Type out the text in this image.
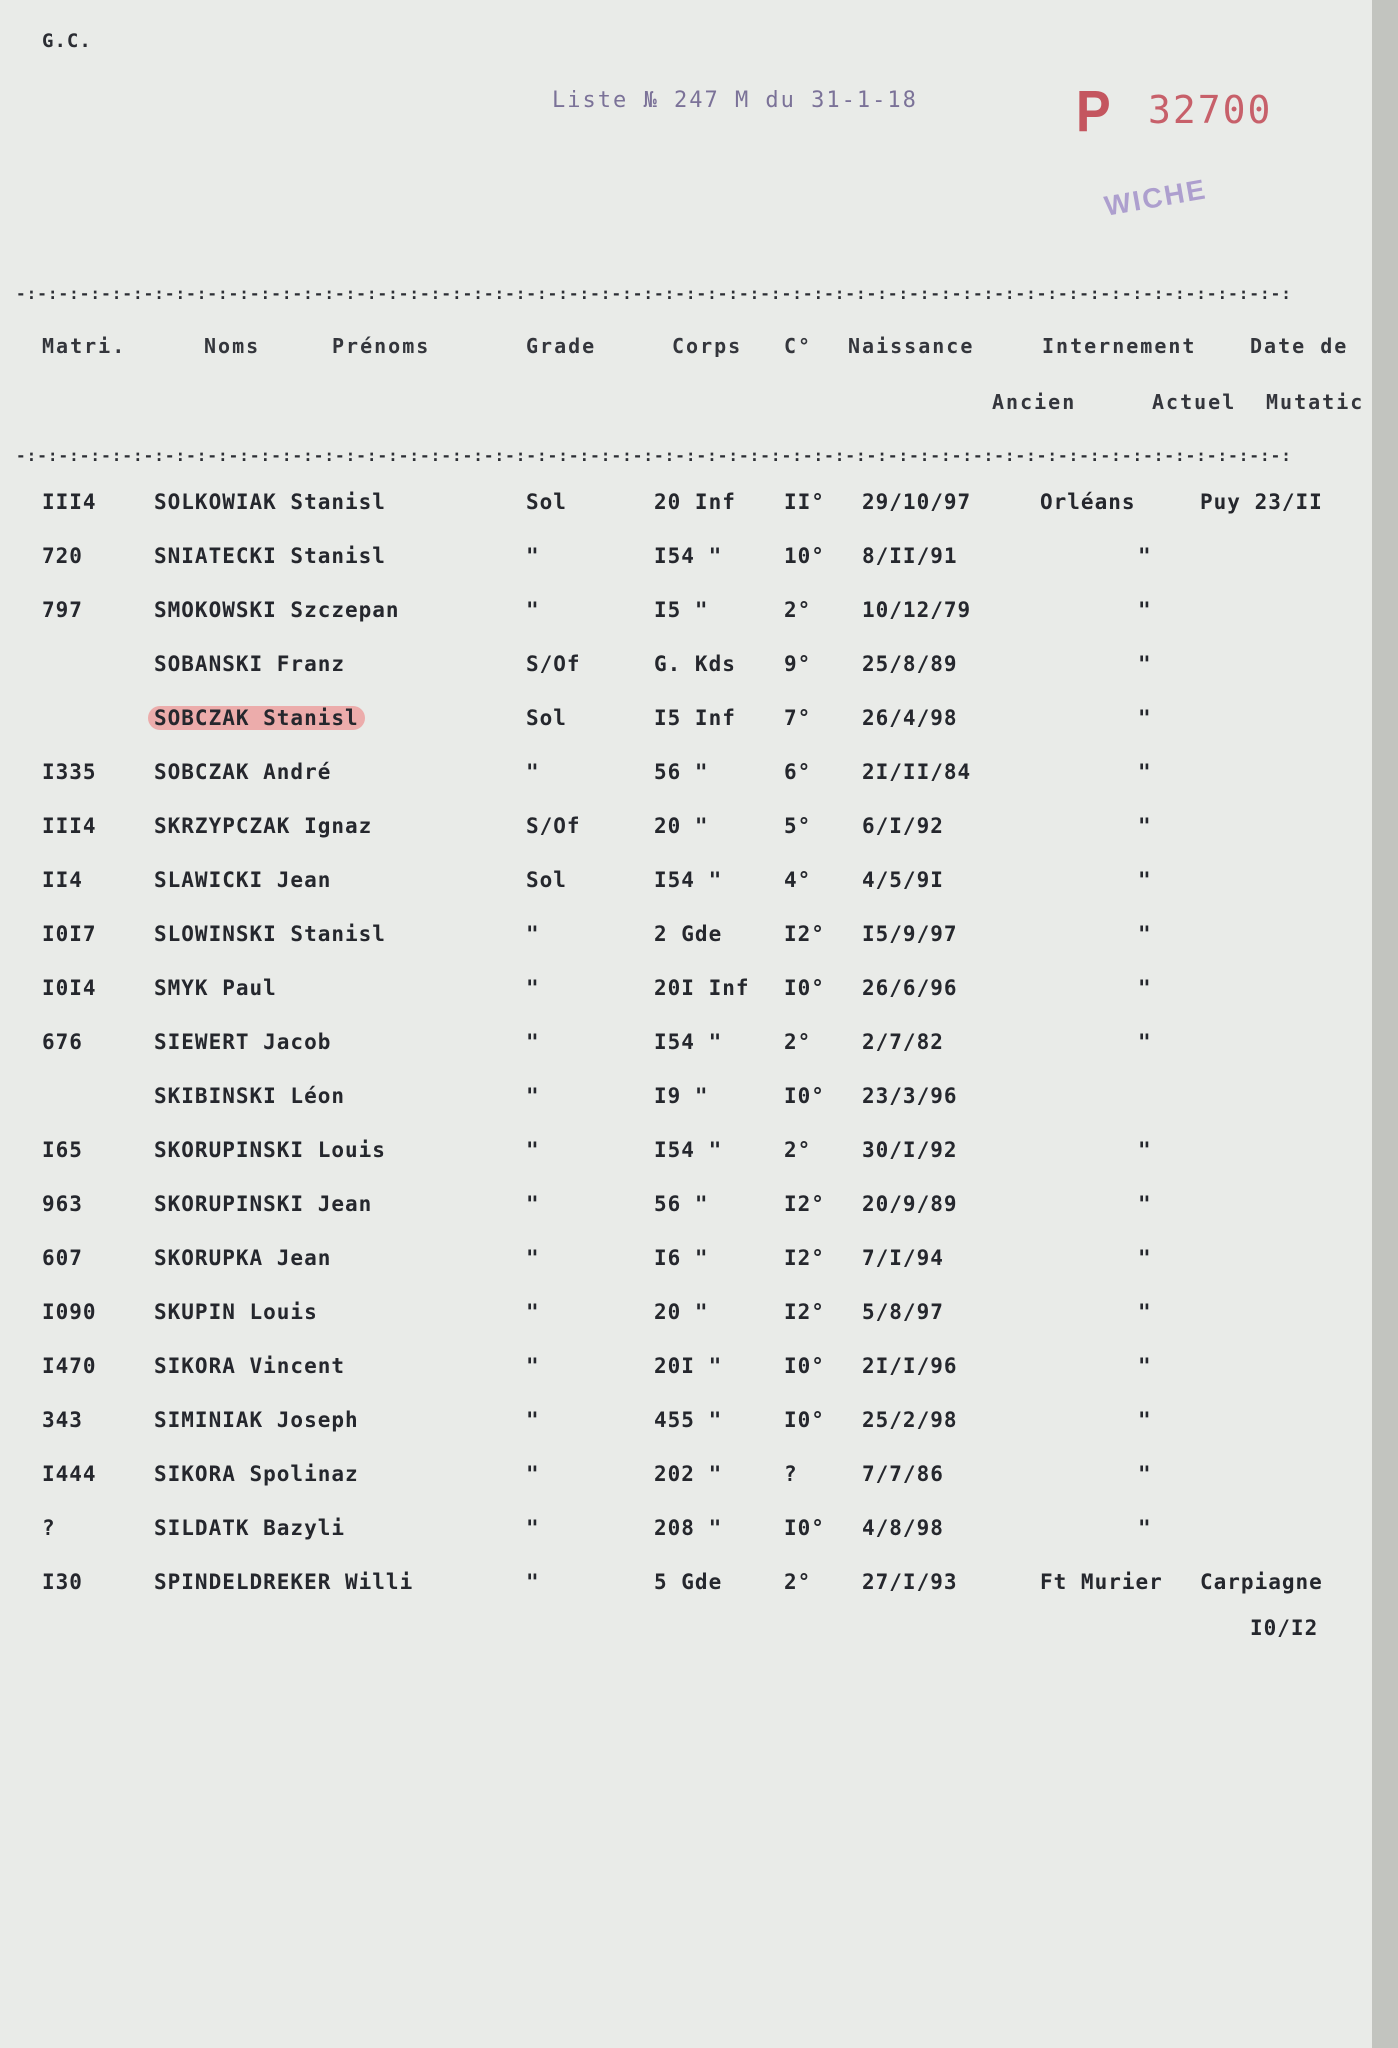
G.C.
Liste № 247 M du 31-1-18	P 32700
WICHE
-:-:-:-:-:-:-:-:-:-:-:-:-:-:-:-:-:-:-:-:-:-:-:-:-:-:-:-:-:-:-:-:-:-:-:-:-:-:-:-:-:-:-:-:-:-:-:-:-:-:-:-:-:-:-:-:-:-:-:-:
Matri.	Noms	Prénoms	Grade	Corps C° Naissance	Internement	Date de
Ancien	Actuel Mutatic
-:-:-:-:-:-:-:-:-:-:-:-:-:-:-:-:-:-:-:-:-:-:-:-:-:-:-:-:-:-:-:-:-:-:-:-:-:-:-:-:-:-:-:-:-:-:-:-:-:-:-:-:-:-:-:-:-:-:-:-:
III4	SOLKOWIAK Stanisl	Sol	20 Inf II° 29/10/97	Orléans	Puy 23/II
720	SNIATECKI Stanisl	"	I54 "	10° 8/II/91	"
797	SMOKOWSKI Szczepan	"	I5 "	2° 10/12/79	"
SOBANSKI Franz	S/Of	G. Kds 9° 25/8/89	"
SOBCZAK Stanisl	Sol	I5 Inf 7° 26/4/98	"
I335	SOBCZAK André	"	56 "	6° 2I/II/84	"
III4	SKRZYPCZAK Ignaz	S/Of	20 "	5° 6/I/92	"
II4	SLAWICKI Jean	Sol	I54 "	4° 4/5/9I	"
I0I7	SLOWINSKI Stanisl	"	2 Gde	I2° I5/9/97	"
I0I4	SMYK Paul	"	20I Inf I0° 26/6/96	"
676	SIEWERT Jacob	"	I54 "	2° 2/7/82	"
SKIBINSKI Léon	"	I9 "	I0° 23/3/96
I65	SKORUPINSKI Louis	"	I54 "	2° 30/I/92	"
963	SKORUPINSKI Jean	"	56 "	I2° 20/9/89	"
607	SKORUPKA Jean	"	I6 "	I2° 7/I/94	"
I090	SKUPIN Louis	"	20 "	I2° 5/8/97	"
I470	SIKORA Vincent	"	20I "	I0° 2I/I/96	"
343	SIMINIAK Joseph	"	455 "	I0° 25/2/98	"
I444	SIKORA Spolinaz	"	202 "	?	7/7/86	"
?	SILDATK Bazyli	"	208 "	I0° 4/8/98	"
I30	SPINDELDREKER Willi	"	5 Gde	2° 27/I/93	Ft Murier Carpiagne
I0/I2
